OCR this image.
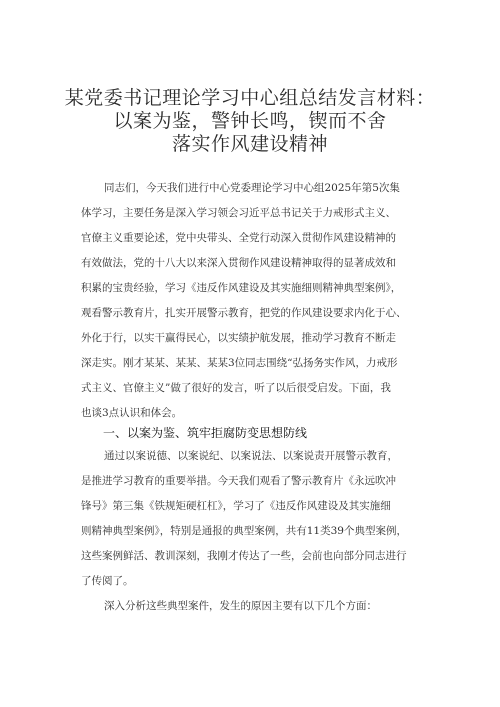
某党委书记理论学习中心组总结发言材料：
以案为鉴，警钟长鸣，锲而不舍
落实作风建设精神
同志们，今天我们进行中心党委理论学习中心组2025年第5次集
体学习，主要任务是深入学习领会习近平总书记关于力戒形式主义、
官僚主义重要论述，党中央带头、全党行动深入贯彻作风建设精神的
有效做法，党的十八大以来深入贯彻作风建设精神取得的显著成效和
积累的宝贵经验，学习《违反作风建设及其实施细则精神典型案例》，
观看警示教育片，扎实开展警示教育，把党的作风建设要求内化于心、
外化于行，以实干赢得民心，以实绩护航发展，推动学习教育不断走
深走实。刚才某某、某某、某某3位同志围绕“弘扬务实作风，力戒形
式主义、官僚主义”做了很好的发言，听了以后很受启发。下面，我
也谈3点认识和体会。
一、以案为鉴、筑牢拒腐防变思想防线
通过以案说德、以案说纪、以案说法、以案说责开展警示教育，
是推进学习教育的重要举措。今天我们观看了警示教育片《永远吹冲
锋号》第三集《铁规矩硬杠杠》，学习了《违反作风建设及其实施细
则精神典型案例》，特别是通报的典型案例，共有11类39个典型案例，
这些案例鲜活、教训深刻，我刚才传达了一些，会前也向部分同志进行
了传阅了。
深入分析这些典型案件，发生的原因主要有以下几个方面：
